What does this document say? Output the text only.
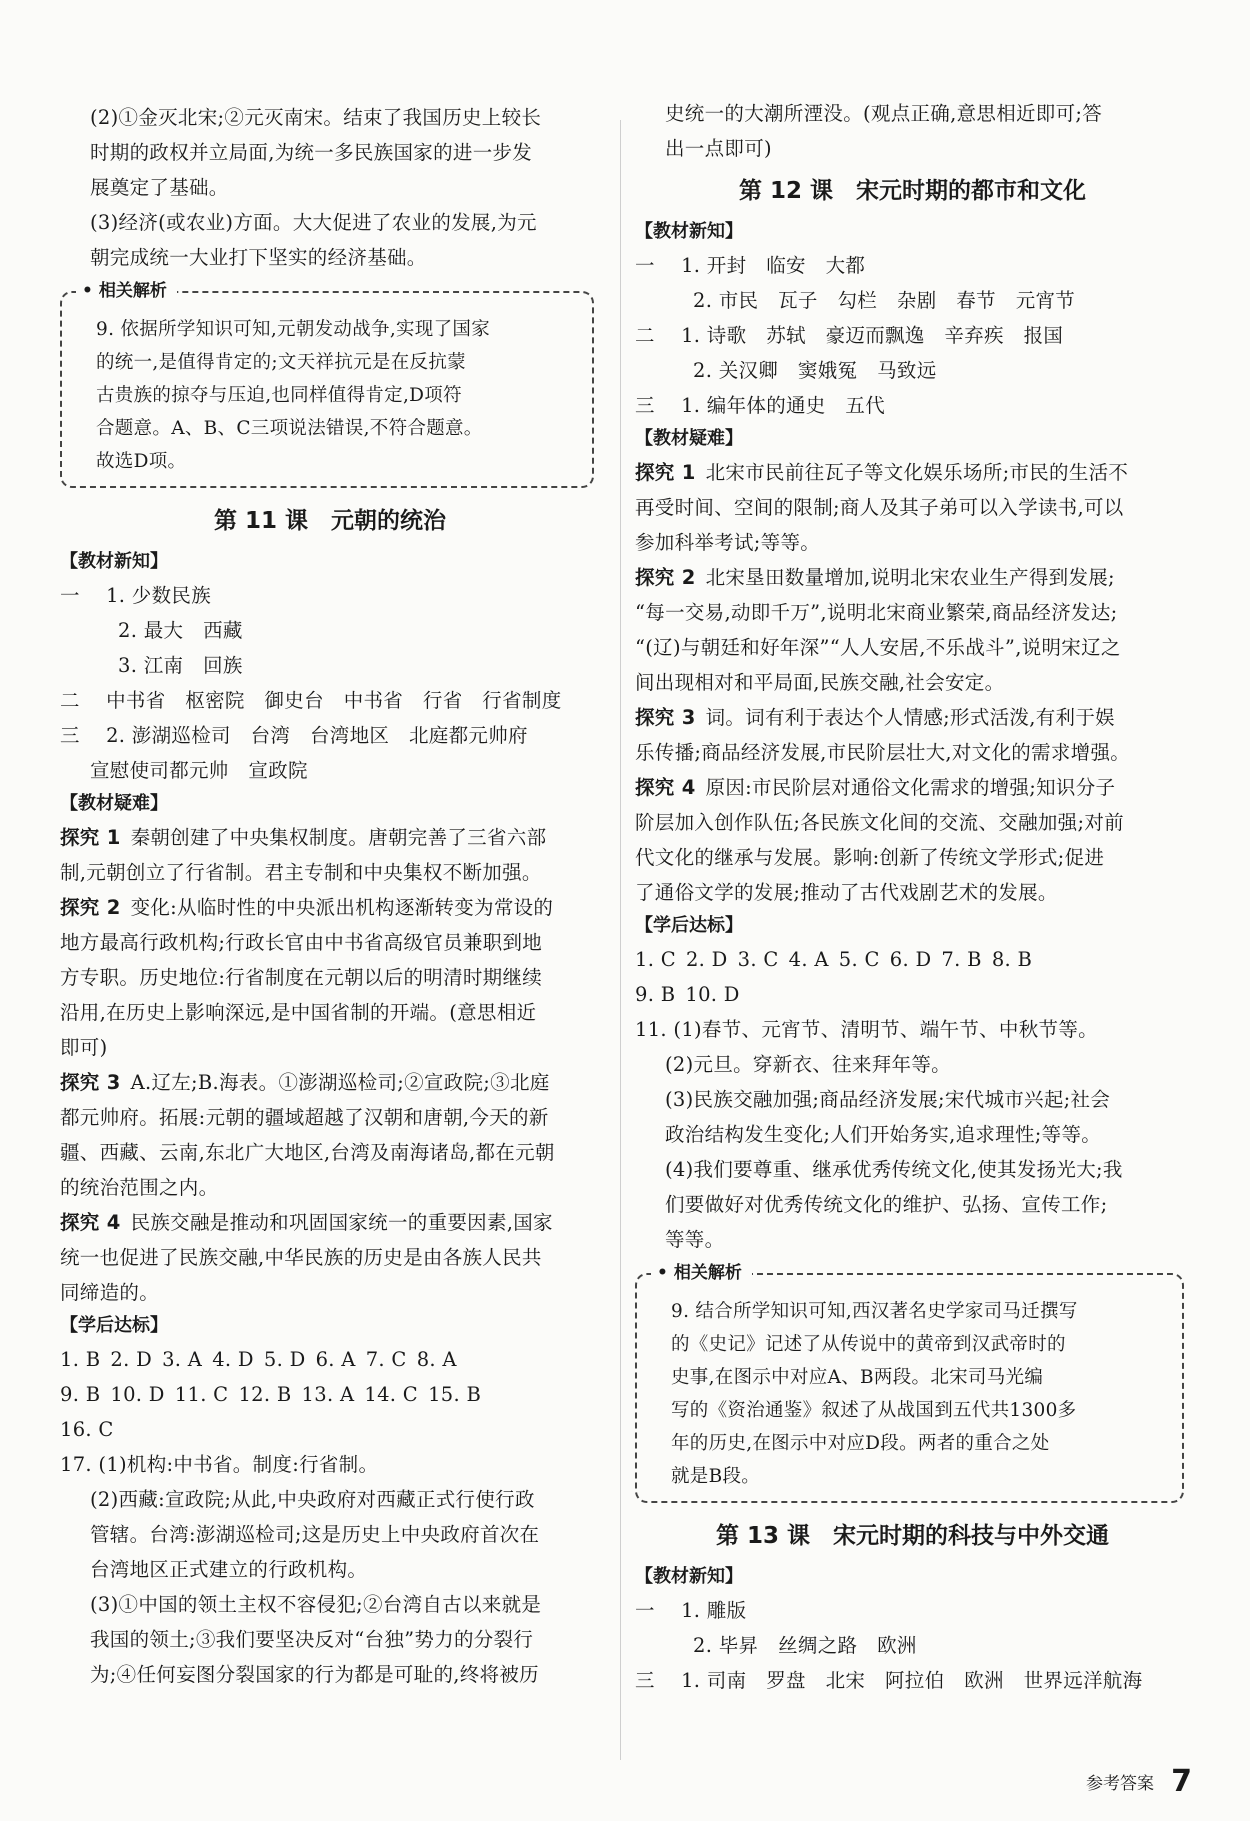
(2)①金灭北宋;②元灭南宋。结束了我国历史上较长
时期的政权并立局面,为统一多民族国家的进一步发
展奠定了基础。
(3)经济(或农业)方面。大大促进了农业的发展,为元
朝完成统一大业打下坚实的经济基础。
• 相关解析
9. 依据所学知识可知,元朝发动战争,实现了国家
的统一,是值得肯定的;文天祥抗元是在反抗蒙
古贵族的掠夺与压迫,也同样值得肯定,D项符
合题意。A、B、C三项说法错误,不符合题意。
故选D项。
第 11 课　元朝的统治
【教材新知】
一　 1. 少数民族
2. 最大　西藏
3. 江南　回族
二　 中书省　枢密院　御史台　中书省　行省　行省制度
三　 2. 澎湖巡检司　台湾　台湾地区　北庭都元帅府
宣慰使司都元帅　宣政院
【教材疑难】
探究 1 秦朝创建了中央集权制度。唐朝完善了三省六部
制,元朝创立了行省制。君主专制和中央集权不断加强。
探究 2 变化:从临时性的中央派出机构逐渐转变为常设的
地方最高行政机构;行政长官由中书省高级官员兼职到地
方专职。历史地位:行省制度在元朝以后的明清时期继续
沿用,在历史上影响深远,是中国省制的开端。(意思相近
即可)
探究 3 A.辽左;B.海表。①澎湖巡检司;②宣政院;③北庭
都元帅府。拓展:元朝的疆域超越了汉朝和唐朝,今天的新
疆、西藏、云南,东北广大地区,台湾及南海诸岛,都在元朝
的统治范围之内。
探究 4 民族交融是推动和巩固国家统一的重要因素,国家
统一也促进了民族交融,中华民族的历史是由各族人民共
同缔造的。
【学后达标】
1. B 2. D 3. A 4. D 5. D 6. A 7. C 8. A
9. B 10. D 11. C 12. B 13. A 14. C 15. B
16. C
17. (1)机构:中书省。制度:行省制。
(2)西藏:宣政院;从此,中央政府对西藏正式行使行政
管辖。台湾:澎湖巡检司;这是历史上中央政府首次在
台湾地区正式建立的行政机构。
(3)①中国的领土主权不容侵犯;②台湾自古以来就是
我国的领土;③我们要坚决反对“台独”势力的分裂行
为;④任何妄图分裂国家的行为都是可耻的,终将被历
史统一的大潮所湮没。(观点正确,意思相近即可;答
出一点即可)
第 12 课　宋元时期的都市和文化
【教材新知】
一　 1. 开封　临安　大都
2. 市民　瓦子　勾栏　杂剧　春节　元宵节
二　 1. 诗歌　苏轼　豪迈而飘逸　辛弃疾　报国
2. 关汉卿　窦娥冤　马致远
三　 1. 编年体的通史　五代
【教材疑难】
探究 1 北宋市民前往瓦子等文化娱乐场所;市民的生活不
再受时间、空间的限制;商人及其子弟可以入学读书,可以
参加科举考试;等等。
探究 2 北宋垦田数量增加,说明北宋农业生产得到发展;
“每一交易,动即千万”,说明北宋商业繁荣,商品经济发达;
“(辽)与朝廷和好年深”“人人安居,不乐战斗”,说明宋辽之
间出现相对和平局面,民族交融,社会安定。
探究 3 词。词有利于表达个人情感;形式活泼,有利于娱
乐传播;商品经济发展,市民阶层壮大,对文化的需求增强。
探究 4 原因:市民阶层对通俗文化需求的增强;知识分子
阶层加入创作队伍;各民族文化间的交流、交融加强;对前
代文化的继承与发展。影响:创新了传统文学形式;促进
了通俗文学的发展;推动了古代戏剧艺术的发展。
【学后达标】
1. C 2. D 3. C 4. A 5. C 6. D 7. B 8. B
9. B 10. D
11. (1)春节、元宵节、清明节、端午节、中秋节等。
(2)元旦。穿新衣、往来拜年等。
(3)民族交融加强;商品经济发展;宋代城市兴起;社会
政治结构发生变化;人们开始务实,追求理性;等等。
(4)我们要尊重、继承优秀传统文化,使其发扬光大;我
们要做好对优秀传统文化的维护、弘扬、宣传工作;
等等。
• 相关解析
9. 结合所学知识可知,西汉著名史学家司马迁撰写
的《史记》记述了从传说中的黄帝到汉武帝时的
史事,在图示中对应A、B两段。北宋司马光编
写的《资治通鉴》叙述了从战国到五代共1300多
年的历史,在图示中对应D段。两者的重合之处
就是B段。
第 13 课　宋元时期的科技与中外交通
【教材新知】
一　 1. 雕版
2. 毕昇　丝绸之路　欧洲
三　 1. 司南　罗盘　北宋　阿拉伯　欧洲　世界远洋航海
参考答案 7
